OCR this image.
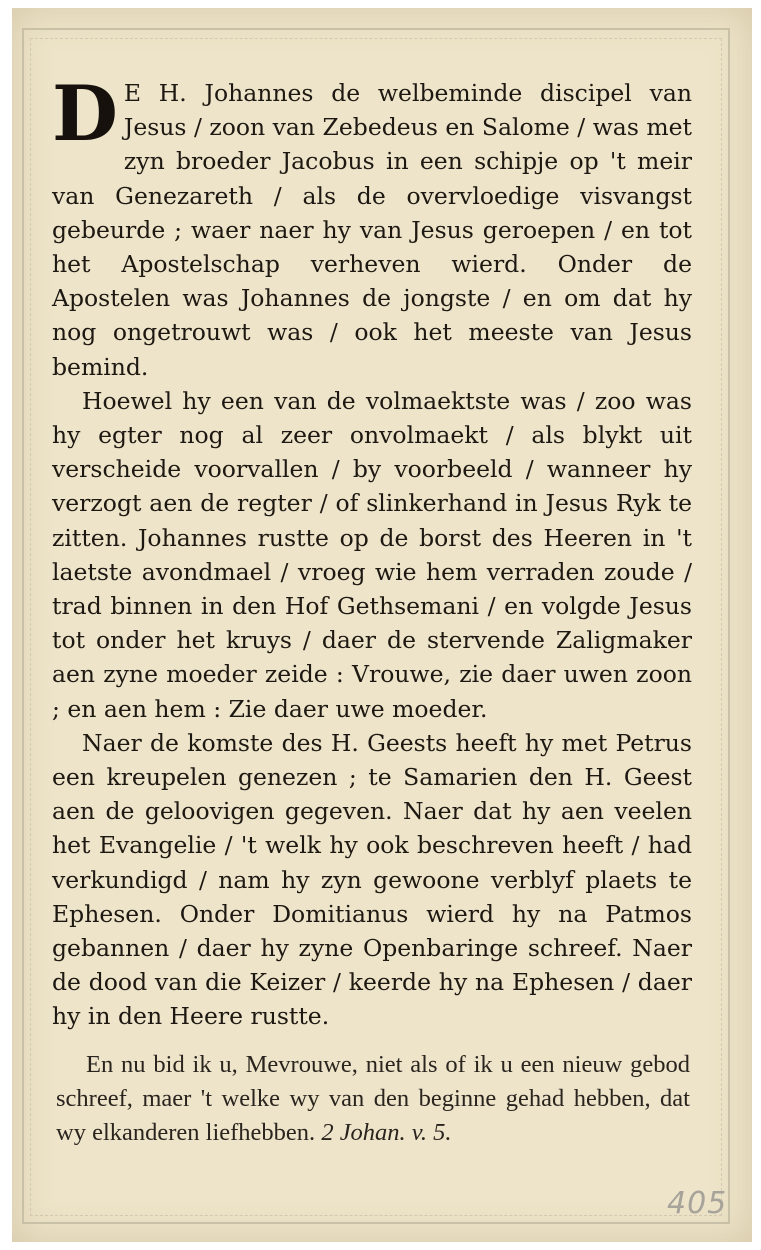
D E H. Johannes de welbeminde discipel van Jesus / zoon van Zebedeus en Salome / was met zyn broeder Jacobus in een schipje op 't meir van Genezareth / als de overvloedige visvangst gebeurde ; waer naer hy van Jesus geroepen / en tot het Apostelschap verheven wierd. Onder de Apostelen was Johannes de jongste / en om dat hy nog ongetrouwt was / ook het meeste van Jesus bemind.

Hoewel hy een van de volmaektste was / zoo was hy egter nog al zeer onvolmaekt / als blykt uit verscheide voorvallen / by voorbeeld / wanneer hy verzogt aen de regter / of slinkerhand in Jesus Ryk te zitten. Johannes rustte op de borst des Heeren in 't laetste avondmael / vroeg wie hem verraden zoude / trad binnen in den Hof Gethsemani / en volgde Jesus tot onder het kruys / daer de stervende Zaligmaker aen zyne moeder zeide : Vrouwe, zie daer uwen zoon ; en aen hem : Zie daer uwe moeder.

Naer de komste des H. Geests heeft hy met Petrus een kreupelen genezen ; te Samarien den H. Geest aen de geloovigen gegeven. Naer dat hy aen veelen het Evangelie / 't welk hy ook beschreven heeft / had verkundigd / nam hy zyn gewoone verblyf plaets te Ephesen. Onder Domitianus wierd hy na Patmos gebannen / daer hy zyne Openbaringe schreef. Naer de dood van die Keizer / keerde hy na Ephesen / daer hy in den Heere rustte.

En nu bid ik u, Mevrouwe, niet als of ik u een nieuw gebod schreef, maer 't welke wy van den beginne gehad hebben, dat wy elkanderen liefhebben. 2 Johan. v. 5.
405
